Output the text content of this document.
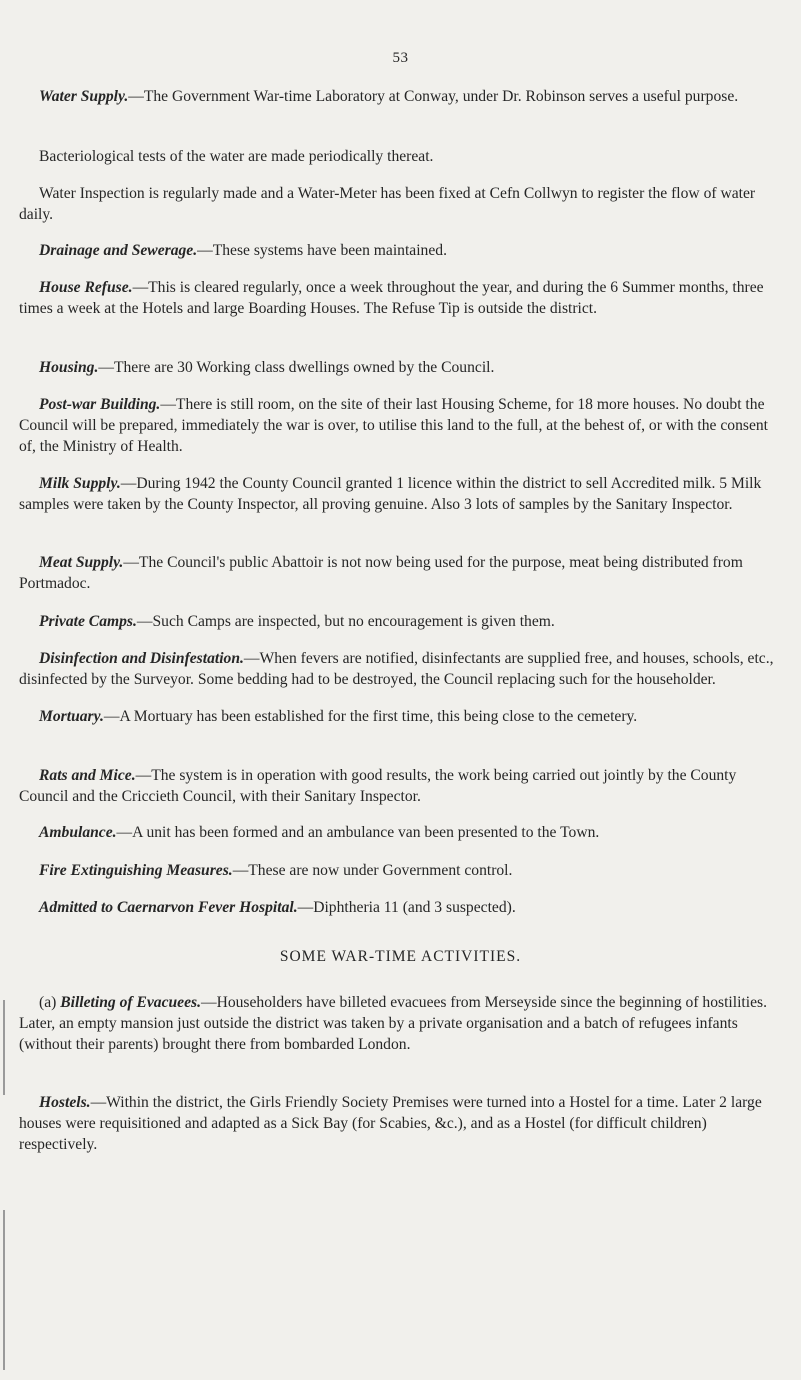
53

Water Supply.—The Government War-time Laboratory at Conway, under Dr. Robinson serves a useful purpose.

Bacteriological tests of the water are made periodically thereat.

Water Inspection is regularly made and a Water-Meter has been fixed at Cefn Collwyn to register the flow of water daily.

Drainage and Sewerage.—These systems have been maintained.

House Refuse.—This is cleared regularly, once a week throughout the year, and during the 6 Summer months, three times a week at the Hotels and large Boarding Houses. The Refuse Tip is outside the district.

Housing.—There are 30 Working class dwellings owned by the Council.

Post-war Building.—There is still room, on the site of their last Housing Scheme, for 18 more houses. No doubt the Council will be prepared, immediately the war is over, to utilise this land to the full, at the behest of, or with the consent of, the Ministry of Health.

Milk Supply.—During 1942 the County Council granted 1 licence within the district to sell Accredited milk. 5 Milk samples were taken by the County Inspector, all proving genuine. Also 3 lots of samples by the Sanitary Inspector.

Meat Supply.—The Council's public Abattoir is not now being used for the purpose, meat being distributed from Portmadoc.

Private Camps.—Such Camps are inspected, but no encouragement is given them.

Disinfection and Disinfestation.—When fevers are notified, disinfectants are supplied free, and houses, schools, etc., disinfected by the Surveyor. Some bedding had to be destroyed, the Council replacing such for the householder.

Mortuary.—A Mortuary has been established for the first time, this being close to the cemetery.

Rats and Mice.—The system is in operation with good results, the work being carried out jointly by the County Council and the Criccieth Council, with their Sanitary Inspector.

Ambulance.—A unit has been formed and an ambulance van been presented to the Town.

Fire Extinguishing Measures.—These are now under Government control.

Admitted to Caernarvon Fever Hospital.—Diphtheria 11 (and 3 suspected).

SOME WAR-TIME ACTIVITIES.

(a) Billeting of Evacuees.—Householders have billeted evacuees from Merseyside since the beginning of hostilities. Later, an empty mansion just outside the district was taken by a private organisation and a batch of refugees infants (without their parents) brought there from bombarded London.

Hostels.—Within the district, the Girls Friendly Society Premises were turned into a Hostel for a time. Later 2 large houses were requisitioned and adapted as a Sick Bay (for Scabies, &c.), and as a Hostel (for difficult children) respectively.
